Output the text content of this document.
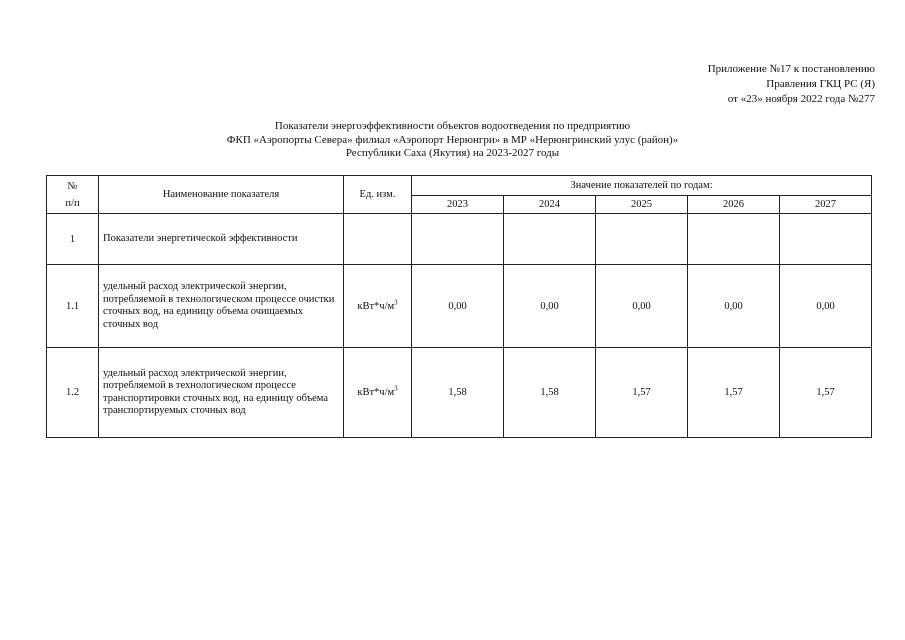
Приложение №17 к постановлению
Правления ГКЦ РС (Я)
от «23» ноября 2022 года №277
Показатели энергоэффективности объектов водоотведения по предприятию
ФКП «Аэропорты Севера» филиал «Аэропорт Нерюнгри» в МР «Нерюнгринский улус (район)»
Республики Саха (Якутия) на 2023-2027 годы
№
п/п	Наименование показателя	Ед. изм.	Значение показателей по годам:				
			2023	2024	2025	2026	2027
1	Показатели энергетической эффективности						
1.1	удельный расход электрической энергии, потребляемой в технологическом процессе очистки сточных вод, на единицу объема очищаемых сточных вод	$кВт*ч/м^3$	0,00	0,00	0,00	0,00	0,00
1.2	удельный расход электрической энергии, потребляемой в технологическом процессе транспортировки сточных вод, на единицу объема транспортируемых сточных вод	$кВт*ч/м^3$	1,58	1,58	1,57	1,57	1,57
